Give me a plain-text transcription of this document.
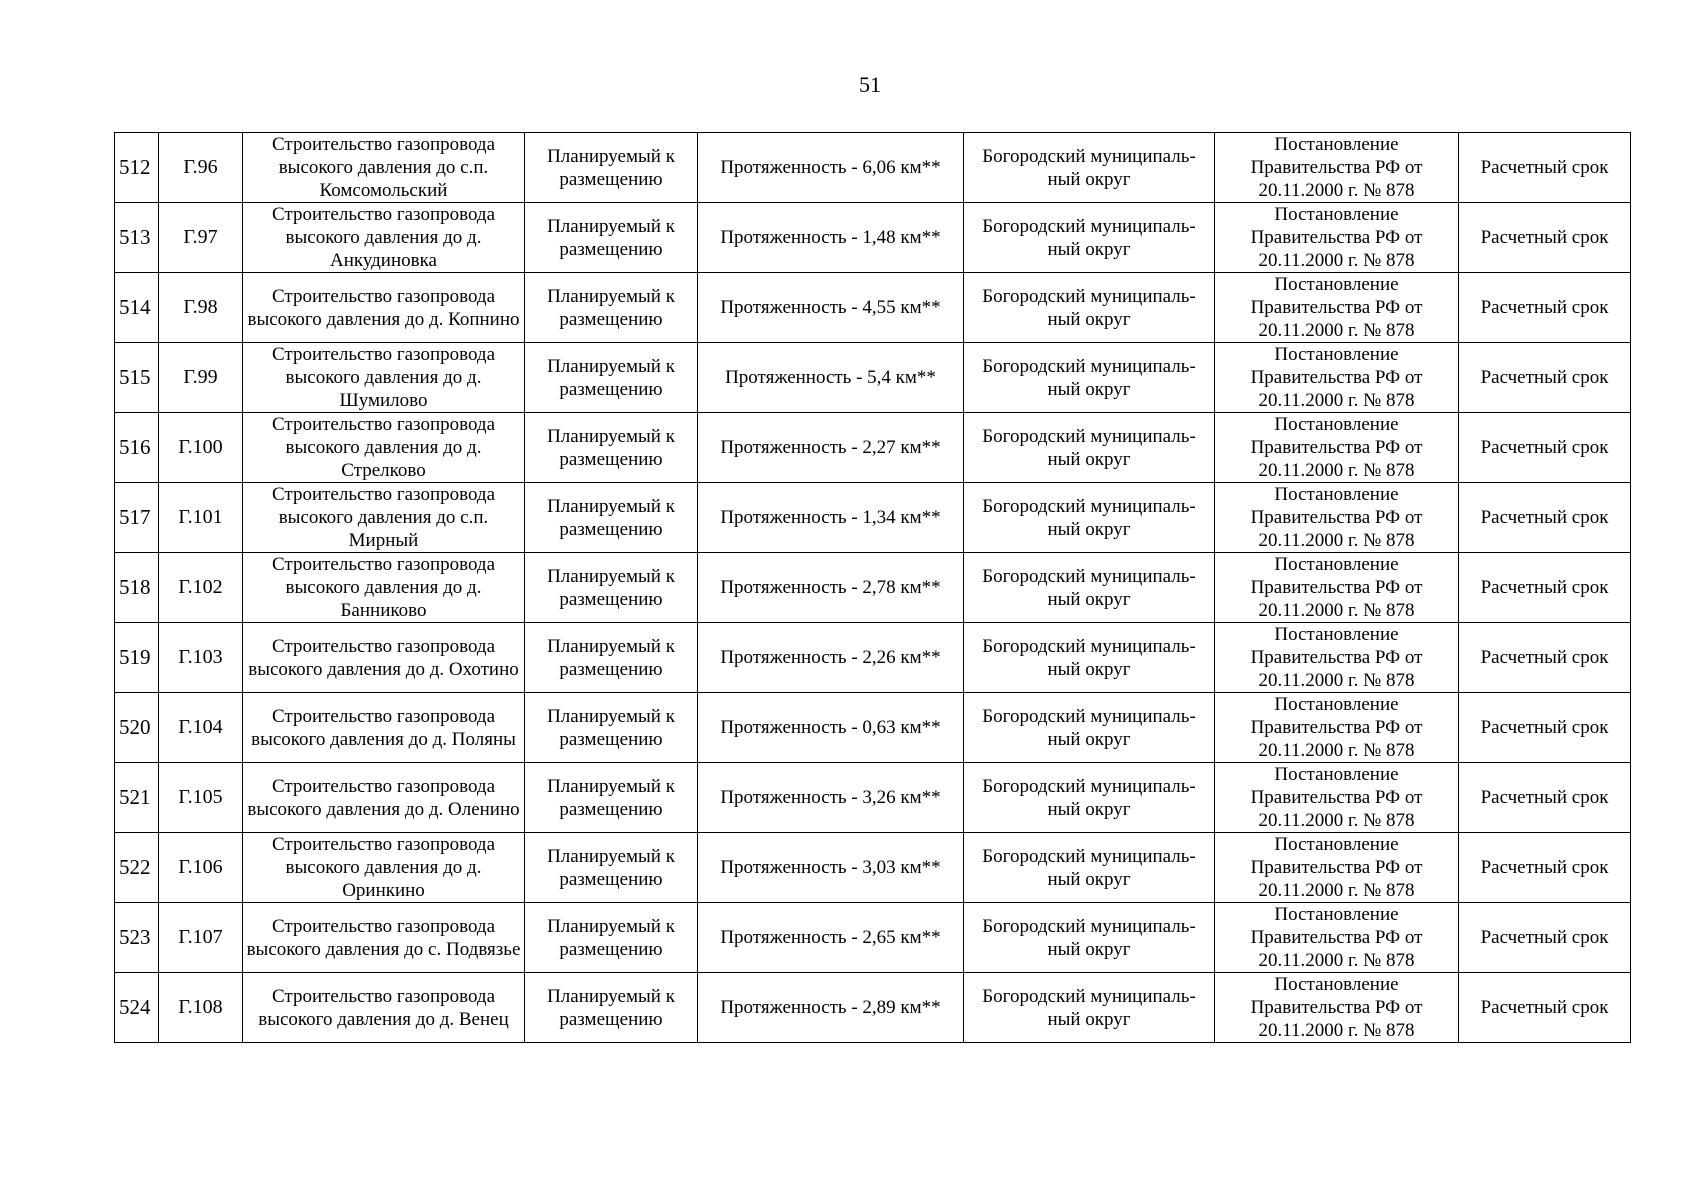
51
512	Г.96	Строительство газопровода высокого давления до с.п. Комсомольский	Планируемый к размещению	Протяженность - 6,06 км**	Богородский муниципаль-ный округ	Постановление Правительства РФ от 20.11.2000 г. № 878	Расчетный срок
513	Г.97	Строительство газопровода высокого давления до д. Анкудиновка	Планируемый к размещению	Протяженность - 1,48 км**	Богородский муниципаль-ный округ	Постановление Правительства РФ от 20.11.2000 г. № 878	Расчетный срок
514	Г.98	Строительство газопровода высокого давления до д. Копнино	Планируемый к размещению	Протяженность - 4,55 км**	Богородский муниципаль-ный округ	Постановление Правительства РФ от 20.11.2000 г. № 878	Расчетный срок
515	Г.99	Строительство газопровода высокого давления до д. Шумилово	Планируемый к размещению	Протяженность - 5,4 км**	Богородский муниципаль-ный округ	Постановление Правительства РФ от 20.11.2000 г. № 878	Расчетный срок
516	Г.100	Строительство газопровода высокого давления до д. Стрелково	Планируемый к размещению	Протяженность - 2,27 км**	Богородский муниципаль-ный округ	Постановление Правительства РФ от 20.11.2000 г. № 878	Расчетный срок
517	Г.101	Строительство газопровода высокого давления до с.п. Мирный	Планируемый к размещению	Протяженность - 1,34 км**	Богородский муниципаль-ный округ	Постановление Правительства РФ от 20.11.2000 г. № 878	Расчетный срок
518	Г.102	Строительство газопровода высокого давления до д. Банниково	Планируемый к размещению	Протяженность - 2,78 км**	Богородский муниципаль-ный округ	Постановление Правительства РФ от 20.11.2000 г. № 878	Расчетный срок
519	Г.103	Строительство газопровода высокого давления до д. Охотино	Планируемый к размещению	Протяженность - 2,26 км**	Богородский муниципаль-ный округ	Постановление Правительства РФ от 20.11.2000 г. № 878	Расчетный срок
520	Г.104	Строительство газопровода высокого давления до д. Поляны	Планируемый к размещению	Протяженность - 0,63 км**	Богородский муниципаль-ный округ	Постановление Правительства РФ от 20.11.2000 г. № 878	Расчетный срок
521	Г.105	Строительство газопровода высокого давления до д. Оленино	Планируемый к размещению	Протяженность - 3,26 км**	Богородский муниципаль-ный округ	Постановление Правительства РФ от 20.11.2000 г. № 878	Расчетный срок
522	Г.106	Строительство газопровода высокого давления до д. Оринкино	Планируемый к размещению	Протяженность - 3,03 км**	Богородский муниципаль-ный округ	Постановление Правительства РФ от 20.11.2000 г. № 878	Расчетный срок
523	Г.107	Строительство газопровода высокого давления до с. Подвязье	Планируемый к размещению	Протяженность - 2,65 км**	Богородский муниципаль-ный округ	Постановление Правительства РФ от 20.11.2000 г. № 878	Расчетный срок
524	Г.108	Строительство газопровода высокого давления до д. Венец	Планируемый к размещению	Протяженность - 2,89 км**	Богородский муниципаль-ный округ	Постановление Правительства РФ от 20.11.2000 г. № 878	Расчетный срок
